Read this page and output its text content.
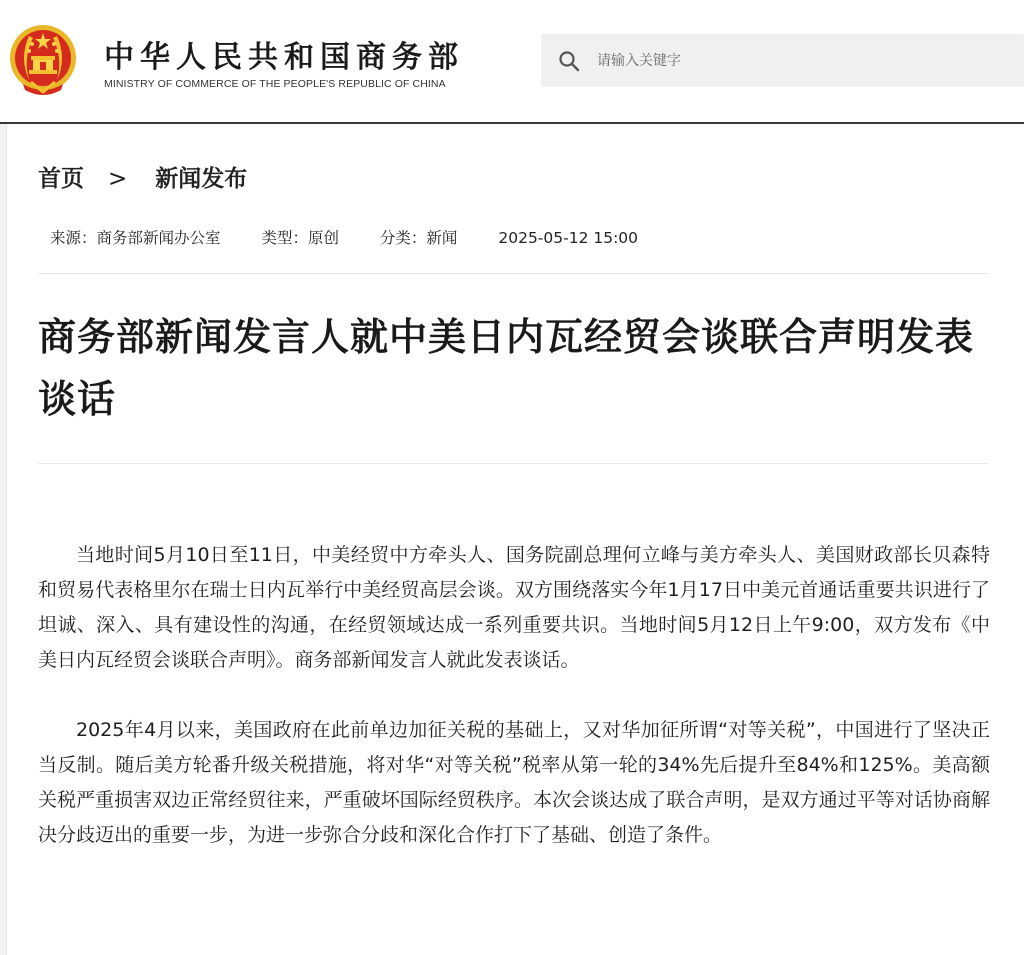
中华人民共和国商务部
MINISTRY OF COMMERCE OF THE PEOPLE'S REPUBLIC OF CHINA
请输入关键字
首页 > 新闻发布
来源：商务部新闻办公室	类型：原创	分类：新闻	2025-05-12 15:00
商务部新闻发言人就中美日内瓦经贸会谈联合声明发表谈话

当地时间5月10日至11日，中美经贸中方牵头人、国务院副总理何立峰与美方牵头人、美国财政部长贝森特和贸易代表格里尔在瑞士日内瓦举行中美经贸高层会谈。双方围绕落实今年1月17日中美元首通话重要共识进行了坦诚、深入、具有建设性的沟通，在经贸领域达成一系列重要共识。当地时间5月12日上午9:00，双方发布《中美日内瓦经贸会谈联合声明》。商务部新闻发言人就此发表谈话。

2025年4月以来，美国政府在此前单边加征关税的基础上，又对华加征所谓“对等关税”，中国进行了坚决正当反制。随后美方轮番升级关税措施，将对华“对等关税”税率从第一轮的34%先后提升至84%和125%。美高额关税严重损害双边正常经贸往来，严重破坏国际经贸秩序。本次会谈达成了联合声明，是双方通过平等对话协商解决分歧迈出的重要一步，为进一步弥合分歧和深化合作打下了基础、创造了条件。
